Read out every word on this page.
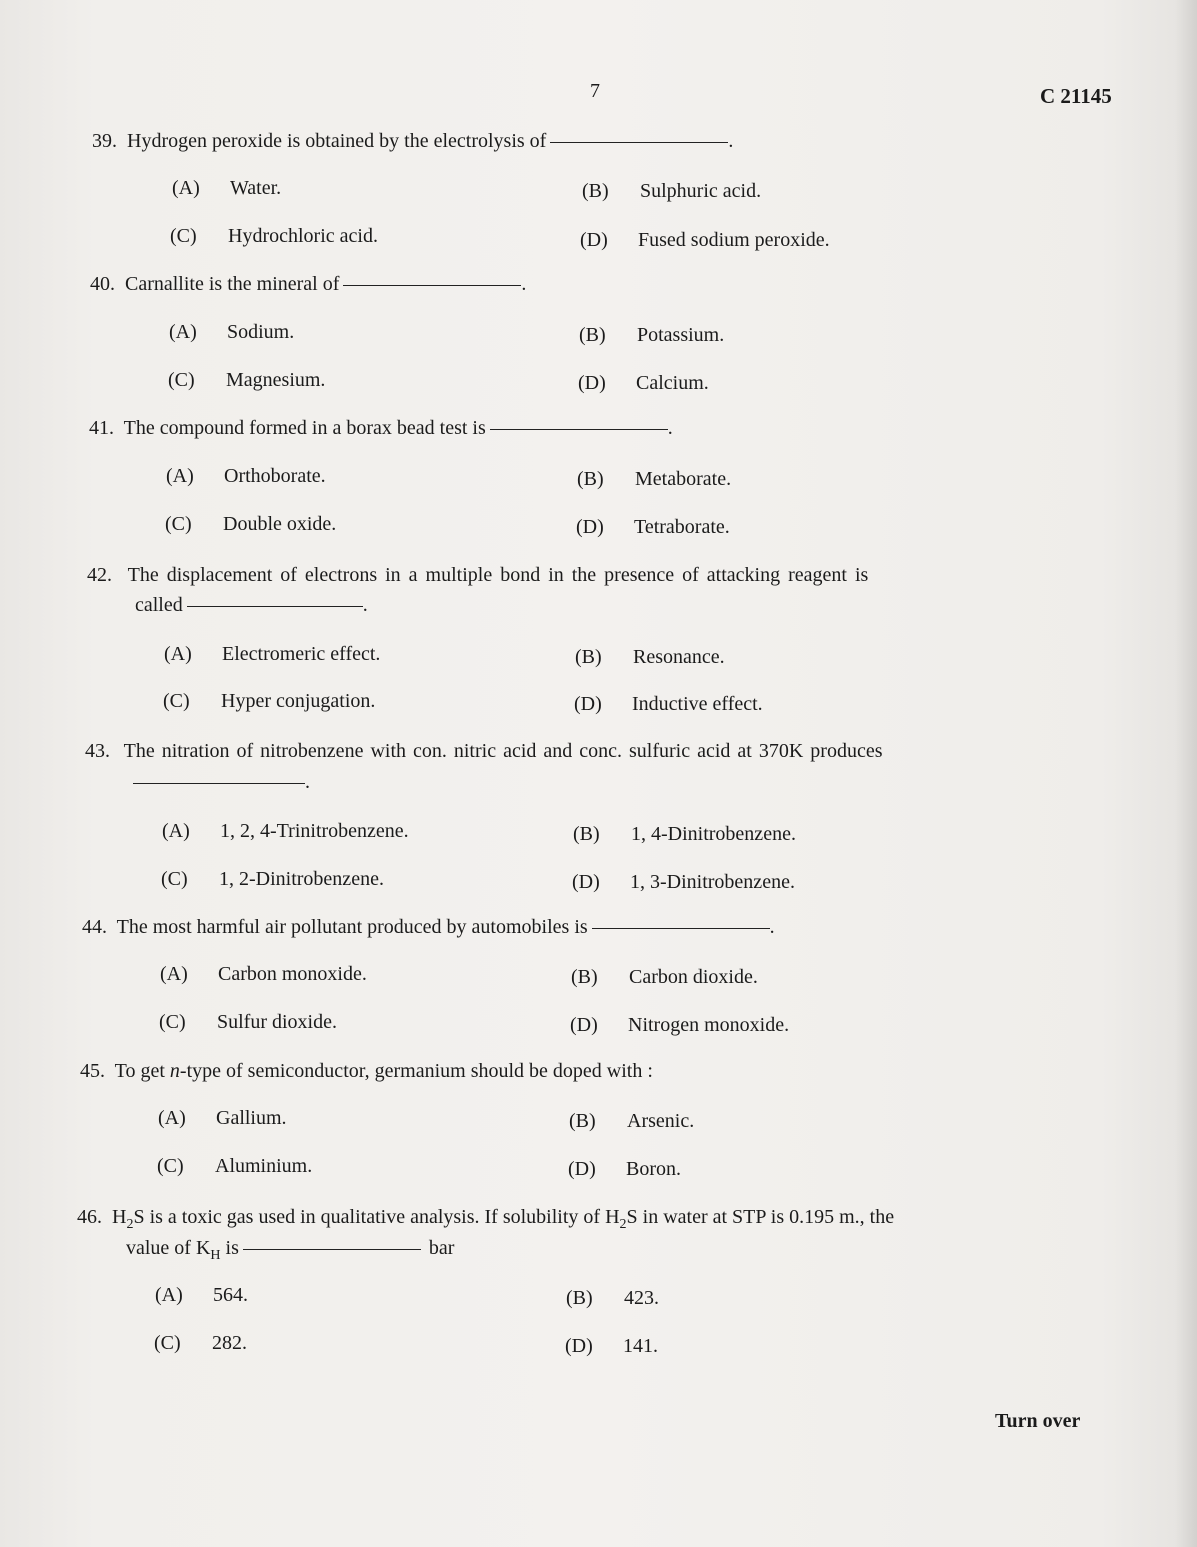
7	C 21145
39. Hydrogen peroxide is obtained by the electrolysis of	.
(A) Water.	(B) Sulphuric acid.
(C) Hydrochloric acid.	(D) Fused sodium peroxide.
40. Carnallite is the mineral of	.
(A) Sodium.	(B) Potassium.
(C) Magnesium.	(D) Calcium.
41. The compound formed in a borax bead test is	.
(A) Orthoborate.	(B) Metaborate.
(C) Double oxide.	(D) Tetraborate.
42. The displacement of electrons in a multiple bond in the presence of attacking reagent is
called	.
(A) Electromeric effect.	(B) Resonance.
(C) Hyper conjugation.	(D) Inductive effect.
43. The nitration of nitrobenzene with con. nitric acid and conc. sulfuric acid at 370K produces
.
(A) 1, 2, 4-Trinitrobenzene.	(B) 1, 4-Dinitrobenzene.
(C) 1, 2-Dinitrobenzene.	(D) 1, 3-Dinitrobenzene.
44. The most harmful air pollutant produced by automobiles is	.
(A) Carbon monoxide.	(B) Carbon dioxide.
(C) Sulfur dioxide.	(D) Nitrogen monoxide.
45. To get n-type of semiconductor, germanium should be doped with :
(A) Gallium.	(B) Arsenic.
(C) Aluminium.	(D) Boron.
46. $H_2S$ is a toxic gas used in qualitative analysis. If solubility of $H_2S$ in water at STP is 0.195 m., the
value of $K_H$ is	bar
(A) 564.	(B) 423.
(C) 282.	(D) 141.
Turn over
